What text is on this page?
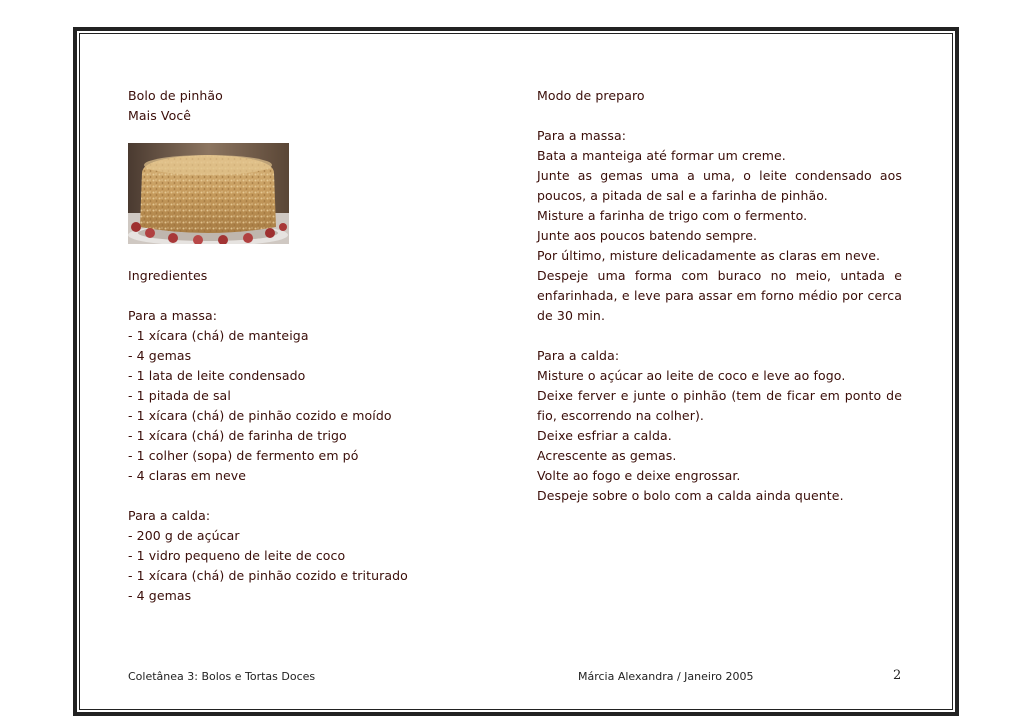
Bolo de pinhão
Mais Você
Ingredientes
Para a massa:
- 1 xícara (chá) de manteiga
- 4 gemas
- 1 lata de leite condensado
- 1 pitada de sal
- 1 xícara (chá) de pinhão cozido e moído
- 1 xícara (chá) de farinha de trigo
- 1 colher (sopa) de fermento em pó
- 4 claras em neve
Para a calda:
- 200 g de açúcar
- 1 vidro pequeno de leite de coco
- 1 xícara (chá) de pinhão cozido e triturado
- 4 gemas
Modo de preparo
Para a massa:
Bata a manteiga até formar um creme.
Junte as gemas uma a uma, o leite condensado aos poucos, a pitada de sal e a farinha de pinhão.
Misture a farinha de trigo com o fermento.
Junte aos poucos batendo sempre.
Por último, misture delicadamente as claras em neve.
Despeje uma forma com buraco no meio, untada e enfarinhada, e leve para assar em forno médio por cerca de 30 min.
Para a calda:
Misture o açúcar ao leite de coco e leve ao fogo.
Deixe ferver e junte o pinhão (tem de ficar em ponto de fio, escorrendo na colher).
Deixe esfriar a calda.
Acrescente as gemas.
Volte ao fogo e deixe engrossar.
Despeje sobre o bolo com a calda ainda quente.
Coletânea 3: Bolos e Tortas Doces	Márcia Alexandra / Janeiro 2005	2
